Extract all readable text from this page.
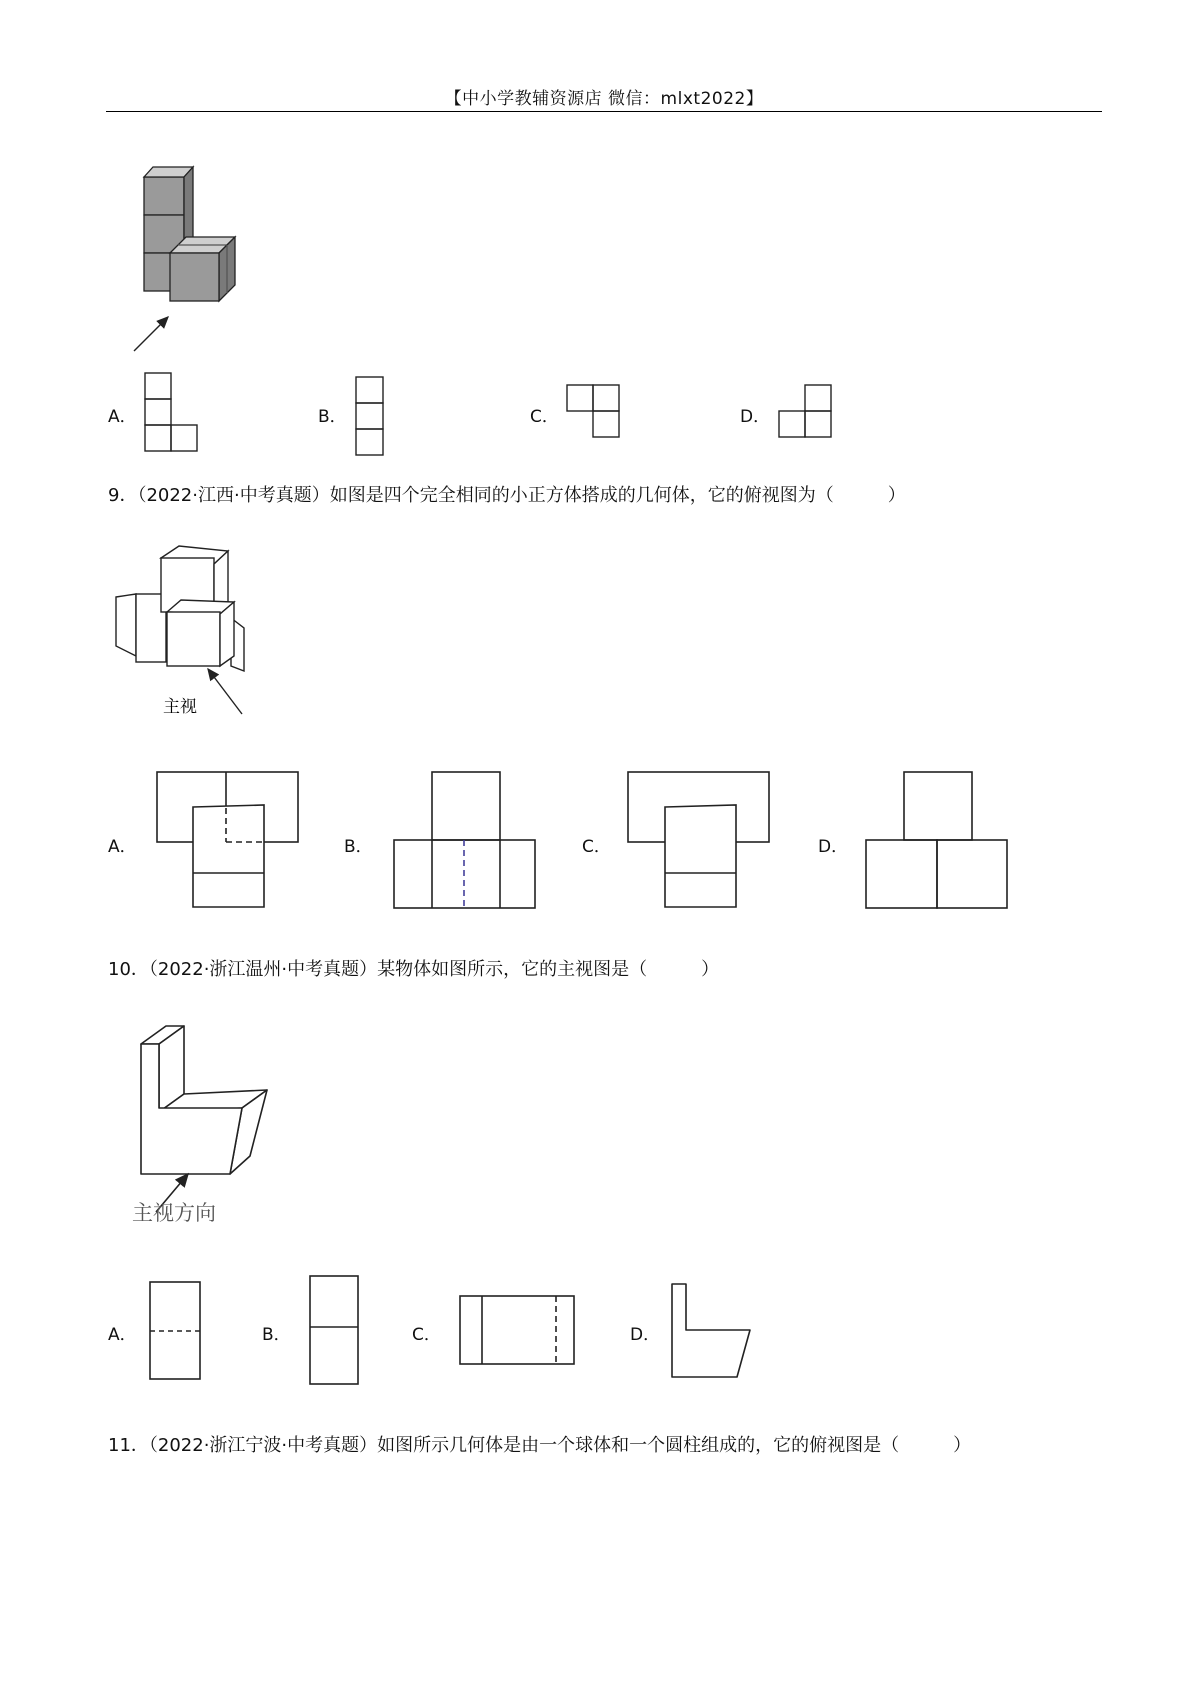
【中小学教辅资源店 微信：mlxt2022】
A．	B．	C．	D．
9．（2022·江西·中考真题）如图是四个完全相同的小正方体搭成的几何体，它的俯视图为（　　　）
主视
A．	B．	C．	D．
10．（2022·浙江温州·中考真题）某物体如图所示，它的主视图是（　　　）
主视方向
A．	B．	C．	D．
11．（2022·浙江宁波·中考真题）如图所示几何体是由一个球体和一个圆柱组成的，它的俯视图是（　　　）
